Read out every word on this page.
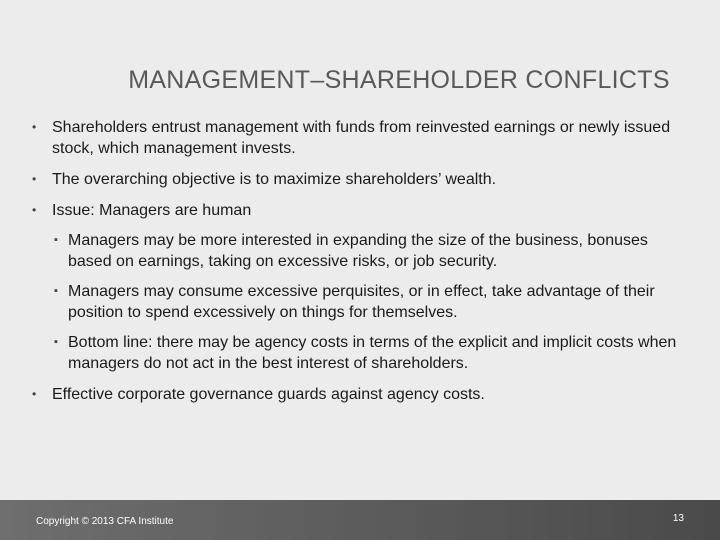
MANAGEMENT–SHAREHOLDER CONFLICTS
• Shareholders entrust management with funds from reinvested earnings or newly issued stock, which management invests.
• The overarching objective is to maximize shareholders’ wealth.
• Issue: Managers are human
▪ Managers may be more interested in expanding the size of the business, bonuses based on earnings, taking on excessive risks, or job security.
▪ Managers may consume excessive perquisites, or in effect, take advantage of their position to spend excessively on things for themselves.
▪ Bottom line: there may be agency costs in terms of the explicit and implicit costs when managers do not act in the best interest of shareholders.
• Effective corporate governance guards against agency costs.
Copyright © 2013 CFA Institute	13
